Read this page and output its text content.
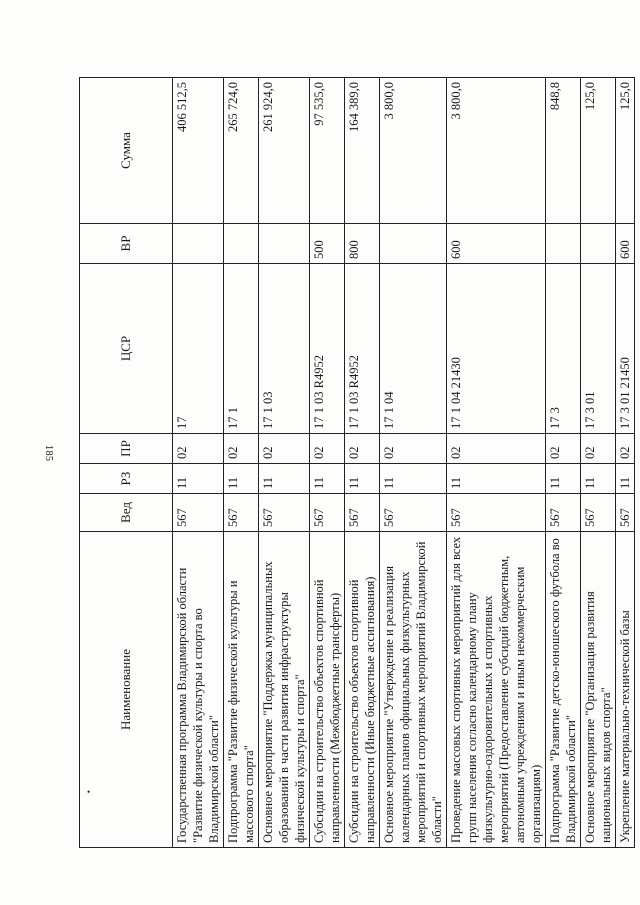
185
•
Наименование	Вед	РЗ	ПР	ЦСР	ВР	Сумма
Государственная программа Владимирской области "Развитие физической культуры и спорта во Владимирской области"	567	11	02	17		406 512,5
Подпрограмма "Развитие физической культуры и массового спорта"	567	11	02	17 1		265 724,0
Основное мероприятие "Поддержка муниципальных образований в части развития инфраструктуры физической культуры и спорта"	567	11	02	17 1 03		261 924,0
Субсидии на строительство объектов спортивной направленности (Межбюджетные трансферты)	567	11	02	17 1 03 R4952	500	97 535,0
Субсидии на строительство объектов спортивной направленности (Иные бюджетные ассигнования)	567	11	02	17 1 03 R4952	800	164 389,0
Основное мероприятие "Утверждение и реализация календарных планов официальных физкультурных мероприятий и спортивных мероприятий Владимирской области"	567	11	02	17 1 04		3 800,0
Проведение массовых спортивных мероприятий для всех групп населения согласно календарному плану физкультурно-оздоровительных и спортивных мероприятий (Предоставление субсидий бюджетным, автономным учреждениям и иным некоммерческим организациям)	567	11	02	17 1 04 21430	600	3 800,0
Подпрограмма "Развитие детско-юношеского футбола во Владимирской области"	567	11	02	17 3		848,8
Основное мероприятие "Организация развития национальных видов спорта"	567	11	02	17 3 01		125,0
Укрепление материально-технической базы	567	11	02	17 3 01 21450	600	125,0
